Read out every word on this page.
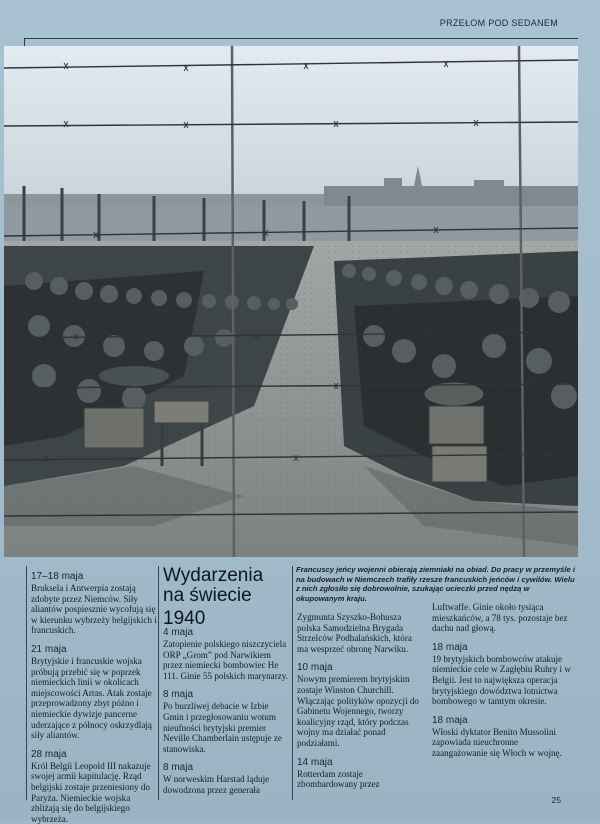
PRZEŁOM POD SEDANEM
Francuscy jeńcy wojenni obierają ziemniaki na obiad. Do pracy w przemyśle i na budowach w Niemczech trafiły rzesze francuskich jeńców i cywilów. Wielu z nich zgłosiło się dobrowolnie, szukając ucieczki przed nędzą w okupowanym kraju.
Wydarzenia
na świecie
1940
17–18 maja

Bruksela i Antwerpia zostają zdobyte przez Niemców. Siły aliantów pospiesznie wycofują się w kierunku wybrzeży belgijskich i francuskich.

21 maja

Brytyjskie i francuskie wojska próbują przebić się w poprzek niemieckich linii w okolicach miejscowości Arras. Atak zostaje przeprowadzony zbyt późno i niemieckie dywizje pancerne uderzające z północy oskrzydlają siły aliantów.

28 maja

Król Belgii Leopold III nakazuje swojej armii kapitulację. Rząd belgijski zostaje przeniesiony do Paryża. Niemieckie wojska zbliżają się do belgijskiego wybrzeża.

4 maja

Zatopienie polskiego niszczyciela ORP „Grom” pod Narwikiem przez niemiecki bombowiec He 111. Ginie 55 polskich marynarzy.

8 maja

Po burzliwej debacie w Izbie Gmin i przegłosowaniu wotum nieufności brytyjski premier Neville Chamberlain ustępuje ze stanowiska.

8 maja

W norweskim Harstad ląduje dowodzona przez generała

Zygmunta Szyszko-Bohusza polska Samodzielna Brygada Strzelców Podhalańskich, która ma wesprzeć obronę Narwiku.

10 maja

Nowym premierem brytyjskim zostaje Winston Churchill. Włączając polityków opozycji do Gabinetu Wojennego, tworzy koalicyjny rząd, który podczas wojny ma działać ponad podziałami.

14 maja

Rotterdam zostaje zbombardowany przez

Luftwaffe. Ginie około tysiąca mieszkańców, a 78 tys. pozostaje bez dachu nad głową.

18 maja

19 brytyjskich bombowców atakuje niemieckie cele w Zagłębiu Ruhry i w Belgii. Jest to największa operacja brytyjskiego dowództwa lotnictwa bombowego w tamtym okresie.

18 maja

Włoski dyktator Benito Mussolini zapowiada nieuchronne zaangażowanie się Włoch w wojnę.

25
